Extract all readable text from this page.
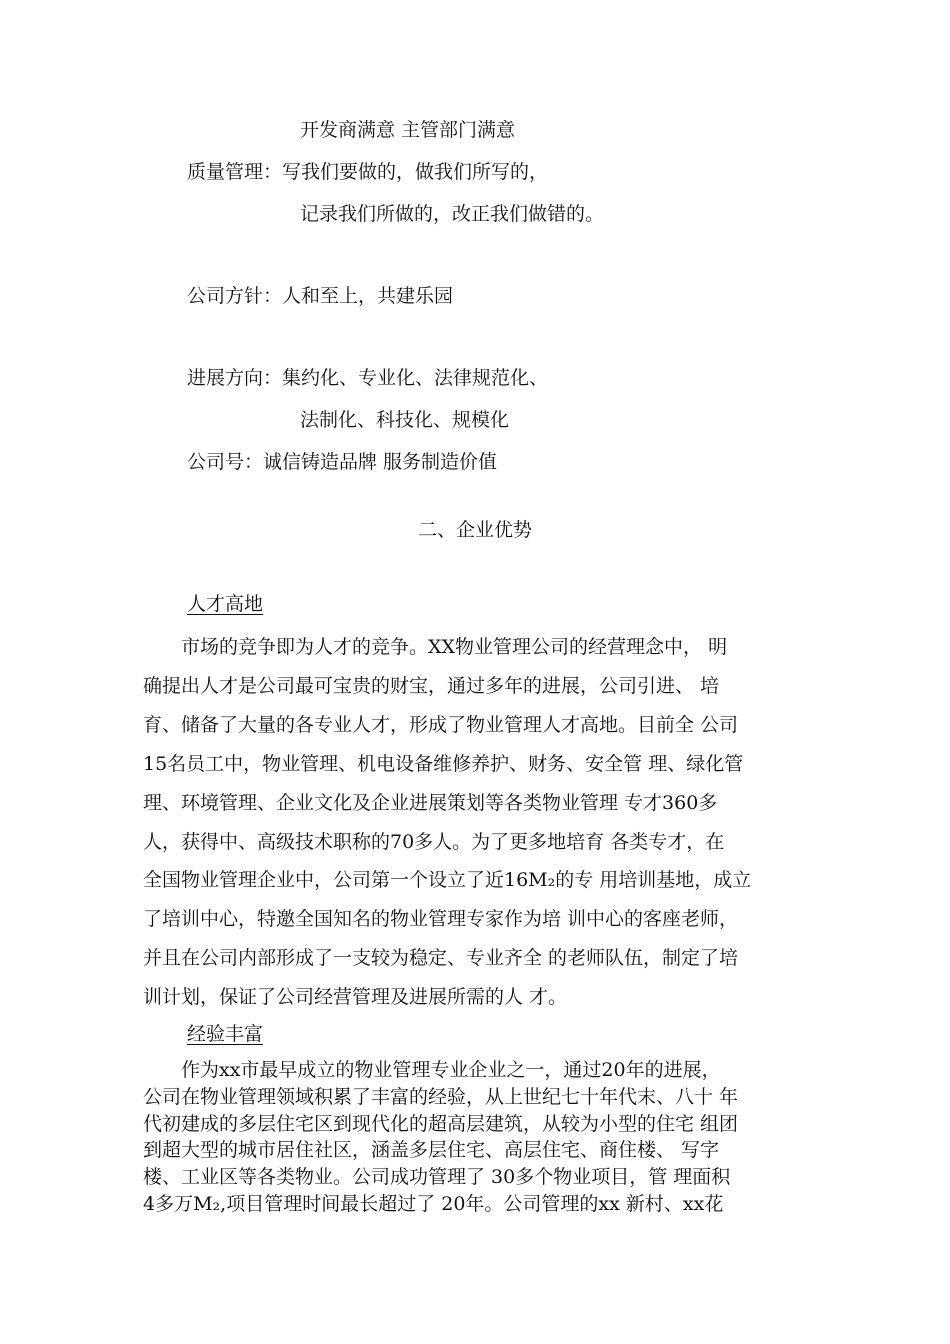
开发商满意 主管部门满意
质量管理：写我们要做的，做我们所写的，
记录我们所做的，改正我们做错的。
公司方针：人和至上，共建乐园
进展方向：集约化、专业化、法律规范化、
法制化、科技化、规模化
公司号：诚信铸造品牌 服务制造价值
二、企业优势
人才高地
　　市场的竞争即为人才的竞争。XX物业管理公司的经营理念中， 明
确提出人才是公司最可宝贵的财宝，通过多年的进展，公司引进、 培
育、储备了大量的各专业人才，形成了物业管理人才高地。目前全 公司
15名员工中，物业管理、机电设备维修养护、财务、安全管 理、绿化管
理、环境管理、企业文化及企业进展策划等各类物业管理 专才360多
人，获得中、高级技术职称的70多人。为了更多地培育 各类专才，在
全国物业管理企业中，公司第一个设立了近16M₂的专 用培训基地，成立
了培训中心，特邀全国知名的物业管理专家作为培 训中心的客座老师，
并且在公司内部形成了一支较为稳定、专业齐全 的老师队伍，制定了培
训计划，保证了公司经营管理及进展所需的人 才。
经验丰富
　　作为xx市最早成立的物业管理专业企业之一，通过20年的进展，
公司在物业管理领域积累了丰富的经验，从上世纪七十年代末、八十 年
代初建成的多层住宅区到现代化的超高层建筑，从较为小型的住宅 组团
到超大型的城市居住社区，涵盖多层住宅、高层住宅、商住楼、 写字
楼、工业区等各类物业。公司成功管理了 30多个物业项目，管 理面积
4多万M₂,项目管理时间最长超过了 20年。公司管理的xx 新村、xx花
